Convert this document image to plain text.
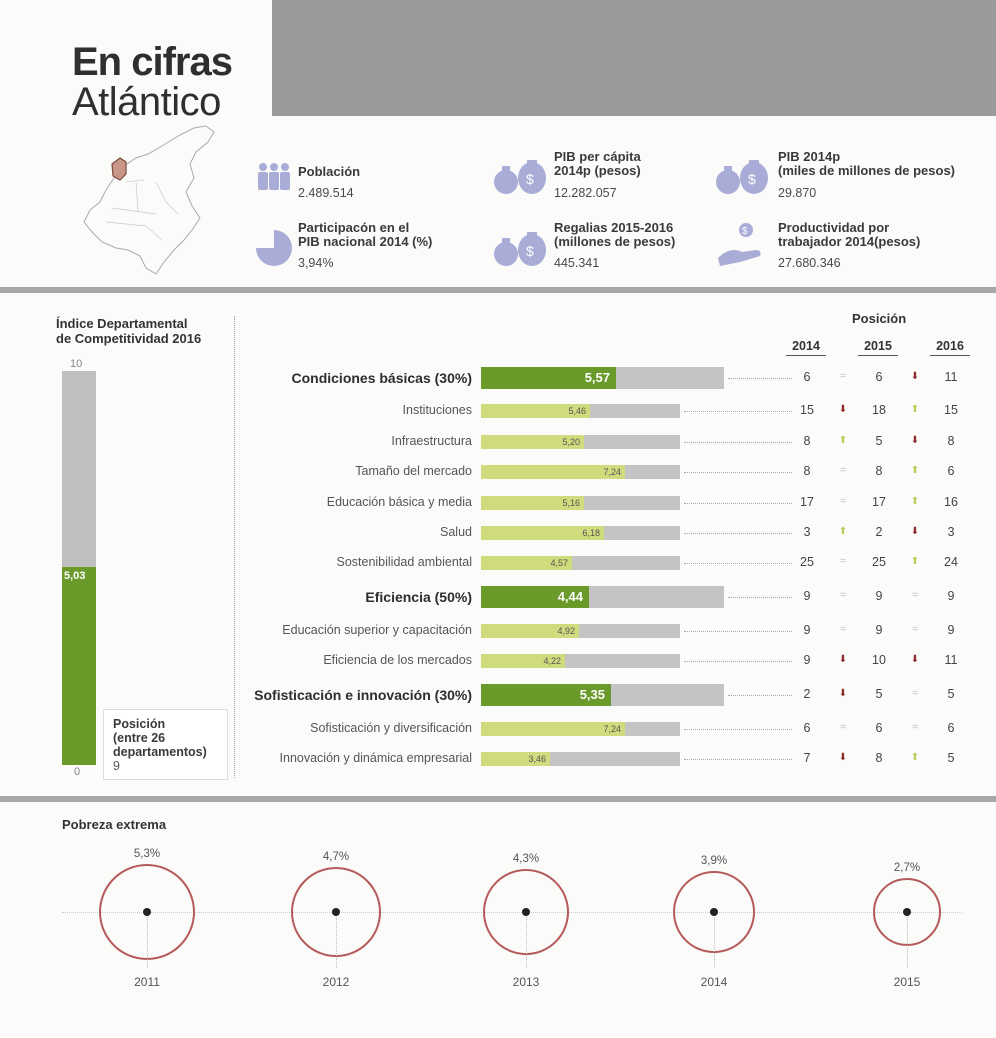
En cifras
Atlántico
Población
2.489.514
$
PIB per cápita
2014p (pesos)
12.282.057
$
PIB 2014p
(miles de millones de pesos)
29.870
Participacón en el
PIB nacional 2014 (%)
3,94%
$
Regalias 2015-2016
(millones de pesos)
445.341
$ Productividad por
trabajador 2014(pesos)
27.680.346
Índice Departamental
de Competitividad 2016
10
5,03
0
Posición
(entre 26
departamentos)
9
Posición
2014	2015	2016
Condiciones básicas (30%)	5,57	6	=	6	⬇	11
Instituciones	5,46	15	⬇	18	⬆	15
Infraestructura	5,20	8	⬆	5	⬇	8
Tamaño del mercado	7,24	8	=	8	⬆	6
Educación básica y media	5,16	17	=	17	⬆	16
Salud	6,18	3	⬆	2	⬇	3
Sostenibilidad ambiental	4,57	25	=	25	⬆	24
Eficiencia (50%)	4,44	9	=	9	=	9
Educación superior y capacitación	4,92	9	=	9	=	9
Eficiencia de los mercados	4,22	9	⬇	10	⬇	11
Sofisticación e innovación (30%)	5,35	2	⬇	5	=	5
Sofisticación y diversificación	7,24	6	=	6	=	6
Innovación y dinámica empresarial	3,46	7	⬇	8	⬆	5
Pobreza extrema
5,3%
2011
4,7%
2012
4,3%
2013
3,9%
2014
2,7%
2015
